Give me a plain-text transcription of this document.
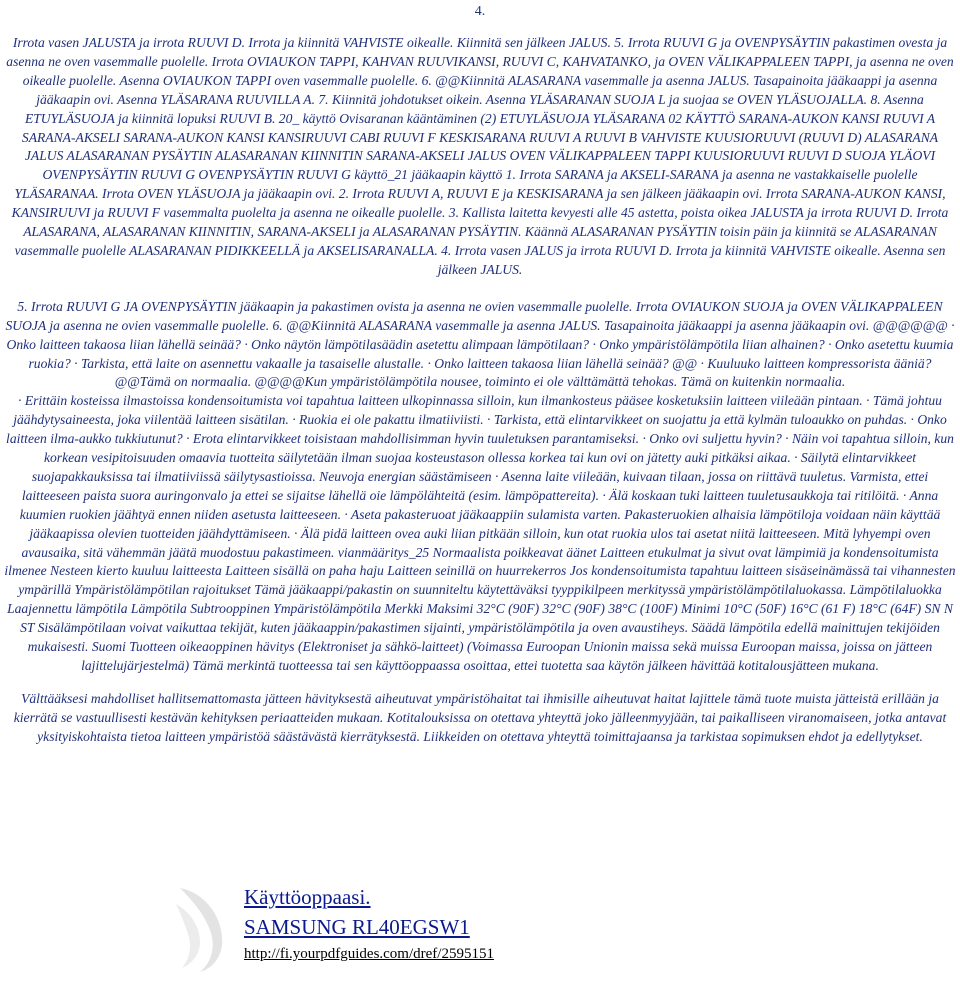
4.

Irrota vasen JALUSTA ja irrota RUUVI D. Irrota ja kiinnitä VAHVISTE oikealle. Kiinnitä sen jälkeen JALUS. 5. Irrota RUUVI G ja OVENPYSÄYTIN pakastimen ovesta ja asenna ne oven vasemmalle puolelle. Irrota OVIAUKON TAPPI, KAHVAN RUUVIKANSI, RUUVI C, KAHVATANKO, ja OVEN VÄLIKAPPALEEN TAPPI, ja asenna ne oven oikealle puolelle. Asenna OVIAUKON TAPPI oven vasemmalle puolelle. 6. @@Kiinnitä ALASARANA vasemmalle ja asenna JALUS. Tasapainoita jääkaappi ja asenna jääkaapin ovi. Asenna YLÄSARANA RUUVILLA A. 7. Kiinnitä johdotukset oikein. Asenna YLÄSARANAN SUOJA L ja suojaa se OVEN YLÄSUOJALLA. 8. Asenna ETUYLÄSUOJA ja kiinnitä lopuksi RUUVI B. 20_ käyttö Ovisaranan kääntäminen (2) ETUYLÄSUOJA YLÄSARANA 02 KÄYTTÖ SARANA-AUKON KANSI RUUVI A SARANA-AKSELI SARANA-AUKON KANSI KANSIRUUVI CABI RUUVI F KESKISARANA RUUVI A RUUVI B VAHVISTE KUUSIORUUVI (RUUVI D) ALASARANA JALUS ALASARANAN PYSÄYTIN ALASARANAN KIINNITIN SARANA-AKSELI JALUS OVEN VÄLIKAPPALEEN TAPPI KUUSIORUUVI RUUVI D SUOJA YLÄOVI OVENPYSÄYTIN RUUVI G OVENPYSÄYTIN RUUVI G käyttö_21 jääkaapin käyttö 1. Irrota SARANA ja AKSELI-SARANA ja asenna ne vastakkaiselle puolelle YLÄSARANAA. Irrota OVEN YLÄSUOJA ja jääkaapin ovi. 2. Irrota RUUVI A, RUUVI E ja KESKISARANA ja sen jälkeen jääkaapin ovi. Irrota SARANA-AUKON KANSI, KANSIRUUVI ja RUUVI F vasemmalta puolelta ja asenna ne oikealle puolelle. 3. Kallista laitetta kevyesti alle 45 astetta, poista oikea JALUSTA ja irrota RUUVI D. Irrota ALASARANA, ALASARANAN KIINNITIN, SARANA-AKSELI ja ALASARANAN PYSÄYTIN. Käännä ALASARANAN PYSÄYTIN toisin päin ja kiinnitä se ALASARANAN vasemmalle puolelle ALASARANAN PIDIKKEELLÄ ja AKSELISARANALLA. 4. Irrota vasen JALUS ja irrota RUUVI D. Irrota ja kiinnitä VAHVISTE oikealle. Asenna sen jälkeen JALUS.

5. Irrota RUUVI G JA OVENPYSÄYTIN jääkaapin ja pakastimen ovista ja asenna ne ovien vasemmalle puolelle. Irrota OVIAUKON SUOJA ja OVEN VÄLIKAPPALEEN SUOJA ja asenna ne ovien vasemmalle puolelle. 6. @@Kiinnitä ALASARANA vasemmalle ja asenna JALUS. Tasapainoita jääkaappi ja asenna jääkaapin ovi. @@@@@@ · Onko laitteen takaosa liian lähellä seinää? · Onko näytön lämpötilasäädin asetettu alimpaan lämpötilaan? · Onko ympäristölämpötila liian alhainen? · Onko asetettu kuumia ruokia? · Tarkista, että laite on asennettu vakaalle ja tasaiselle alustalle. · Onko laitteen takaosa liian lähellä seinää? @@ · Kuuluuko laitteen kompressorista ääniä? @@Tämä on normaalia. @@@@Kun ympäristölämpötila nousee, toiminto ei ole välttämättä tehokas. Tämä on kuitenkin normaalia.

· Erittäin kosteissa ilmastoissa kondensoitumista voi tapahtua laitteen ulkopinnassa silloin, kun ilmankosteus pääsee kosketuksiin laitteen viileään pintaan. · Tämä johtuu jäähdytysaineesta, joka viilentää laitteen sisätilan. · Ruokia ei ole pakattu ilmatiiviisti. · Tarkista, että elintarvikkeet on suojattu ja että kylmän tuloaukko on puhdas. · Onko laitteen ilma-aukko tukkiutunut? · Erota elintarvikkeet toisistaan mahdollisimman hyvin tuuletuksen parantamiseksi. · Onko ovi suljettu hyvin? · Näin voi tapahtua silloin, kun korkean vesipitoisuuden omaavia tuotteita säilytetään ilman suojaa kosteustason ollessa korkea tai kun ovi on jätetty auki pitkäksi aikaa. · Säilytä elintarvikkeet suojapakkauksissa tai ilmatiiviissä säilytysastioissa. Neuvoja energian säästämiseen · Asenna laite viileään, kuivaan tilaan, jossa on riittävä tuuletus. Varmista, ettei laitteeseen paista suora auringonvalo ja ettei se sijaitse lähellä oie lämpölähteitä (esim. lämpöpattereita). · Älä koskaan tuki laitteen tuuletusaukkoja tai ritilöitä. · Anna kuumien ruokien jäähtyä ennen niiden asetusta laitteeseen. · Aseta pakasteruoat jääkaappiin sulamista varten. Pakasteruokien alhaisia lämpötiloja voidaan näin käyttää jääkaapissa olevien tuotteiden jäähdyttämiseen. · Älä pidä laitteen ovea auki liian pitkään silloin, kun otat ruokia ulos tai asetat niitä laitteeseen. Mitä lyhyempi oven avausaika, sitä vähemmän jäätä muodostuu pakastimeen. vianmääritys_25 Normaalista poikkeavat äänet Laitteen etukulmat ja sivut ovat lämpimiä ja kondensoitumista ilmenee Nesteen kierto kuuluu laitteesta Laitteen sisällä on paha haju Laitteen seinillä on huurrekerros Jos kondensoitumista tapahtuu laitteen sisäseinämässä tai vihannesten ympärillä Ympäristölämpötilan rajoitukset Tämä jääkaappi/pakastin on suunniteltu käytettäväksi tyyppikilpeen merkityssä ympäristölämpötilaluokassa. Lämpötilaluokka Laajennettu lämpötila Lämpötila Subtrooppinen Ympäristölämpötila Merkki Maksimi 32°C (90F) 32°C (90F) 38°C (100F) Minimi 10°C (50F) 16°C (61 F) 18°C (64F) SN N ST Sisälämpötilaan voivat vaikuttaa tekijät, kuten jääkaappin/pakastimen sijainti, ympäristölämpötila ja oven avaustiheys. Säädä lämpötila edellä mainittujen tekijöiden mukaisesti. Suomi Tuotteen oikeaoppinen hävitys (Elektroniset ja sähkö-laitteet) (Voimassa Euroopan Unionin maissa sekä muissa Euroopan maissa, joissa on jätteen lajittelujärjestelmä) Tämä merkintä tuotteessa tai sen käyttöoppaassa osoittaa, ettei tuotetta saa käytön jälkeen hävittää kotitalousjätteen mukana.

Välttääksesi mahdolliset hallitsemattomasta jätteen hävityksestä aiheutuvat ympäristöhaitat tai ihmisille aiheutuvat haitat lajittele tämä tuote muista jätteistä erillään ja kierrätä se vastuullisesti kestävän kehityksen periaatteiden mukaan. Kotitalouksissa on otettava yhteyttä joko jälleenmyyjään, tai paikalliseen viranomaiseen, jotka antavat yksityiskohtaista tietoa laitteen ympäristöä säästävästä kierrätyksestä. Liikkeiden on otettava yhteyttä toimittajaansa ja tarkistaa sopimuksen ehdot ja edellytykset.

Käyttöoppaasi.
SAMSUNG RL40EGSW1
http://fi.yourpdfguides.com/dref/2595151
